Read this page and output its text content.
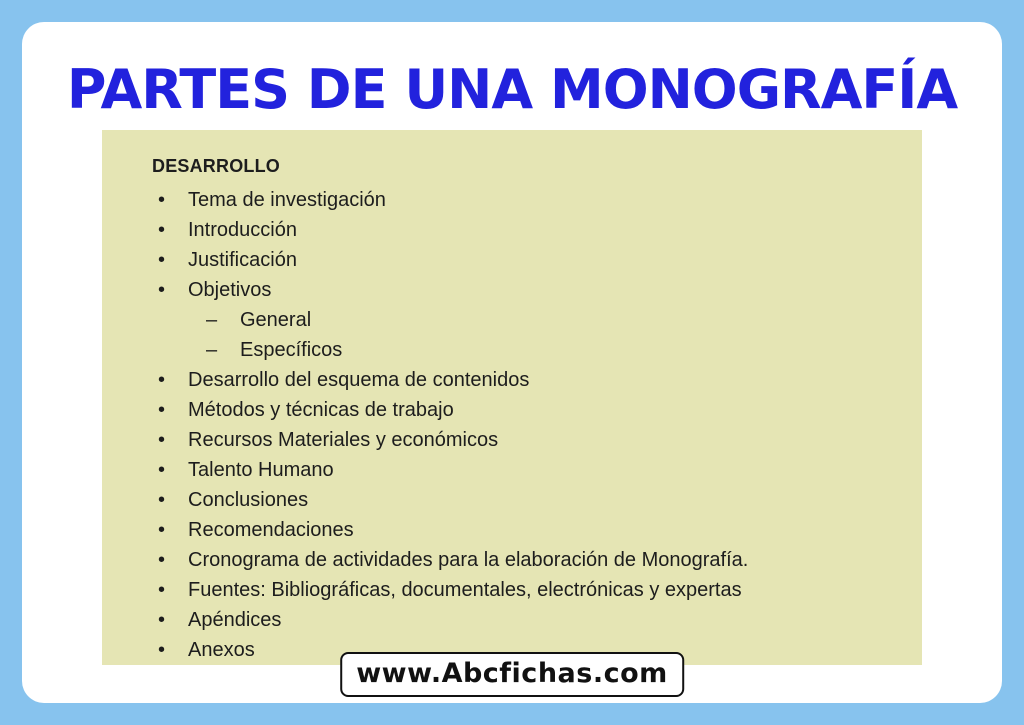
PARTES DE UNA MONOGRAFÍA
DESARROLLO
• Tema de investigación
• Introducción
• Justificación
• Objetivos
– General
– Específicos
• Desarrollo del esquema de contenidos
• Métodos y técnicas de trabajo
• Recursos Materiales y económicos
• Talento Humano
• Conclusiones
• Recomendaciones
• Cronograma de actividades para la elaboración de Monografía.
• Fuentes: Bibliográficas, documentales, electrónicas y expertas
• Apéndices
• Anexos
www.Abcfichas.com
